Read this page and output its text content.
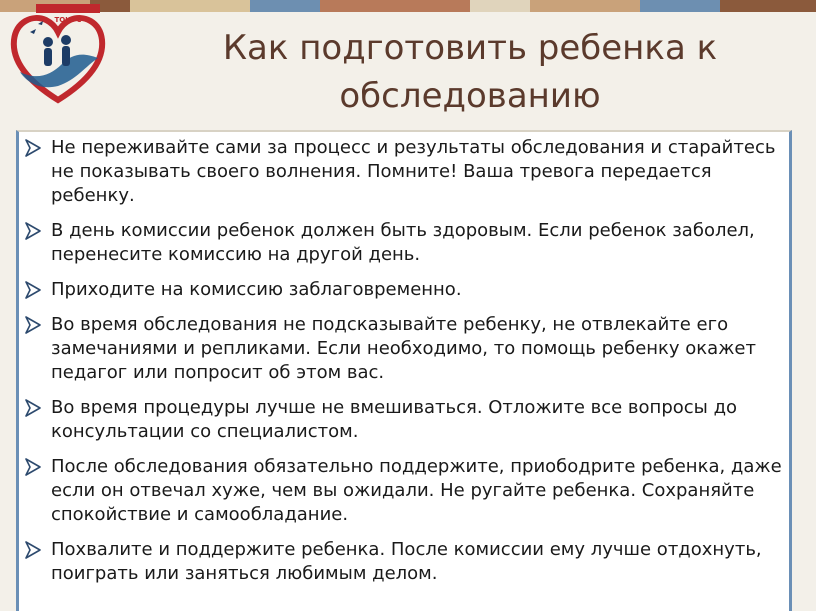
ТОНУС
Как подготовить ребенка к обследованию
Не переживайте сами за процесс и результаты обследования и старайтесь не показывать своего волнения. Помните! Ваша тревога передается ребенку.
В день комиссии ребенок должен быть здоровым. Если ребенок заболел, перенесите комиссию на другой день.
Приходите на комиссию заблаговременно.
Во время обследования не подсказывайте ребенку, не отвлекайте его замечаниями и репликами. Если необходимо, то помощь ребенку окажет педагог или попросит об этом вас.
Во время процедуры лучше не вмешиваться. Отложите все вопросы до консультации со специалистом.
После обследования обязательно поддержите, приободрите ребенка, даже если он отвечал хуже, чем вы ожидали. Не ругайте ребенка. Сохраняйте спокойствие и самообладание.
Похвалите и поддержите ребенка. После комиссии ему лучше отдохнуть, поиграть или заняться любимым делом.
